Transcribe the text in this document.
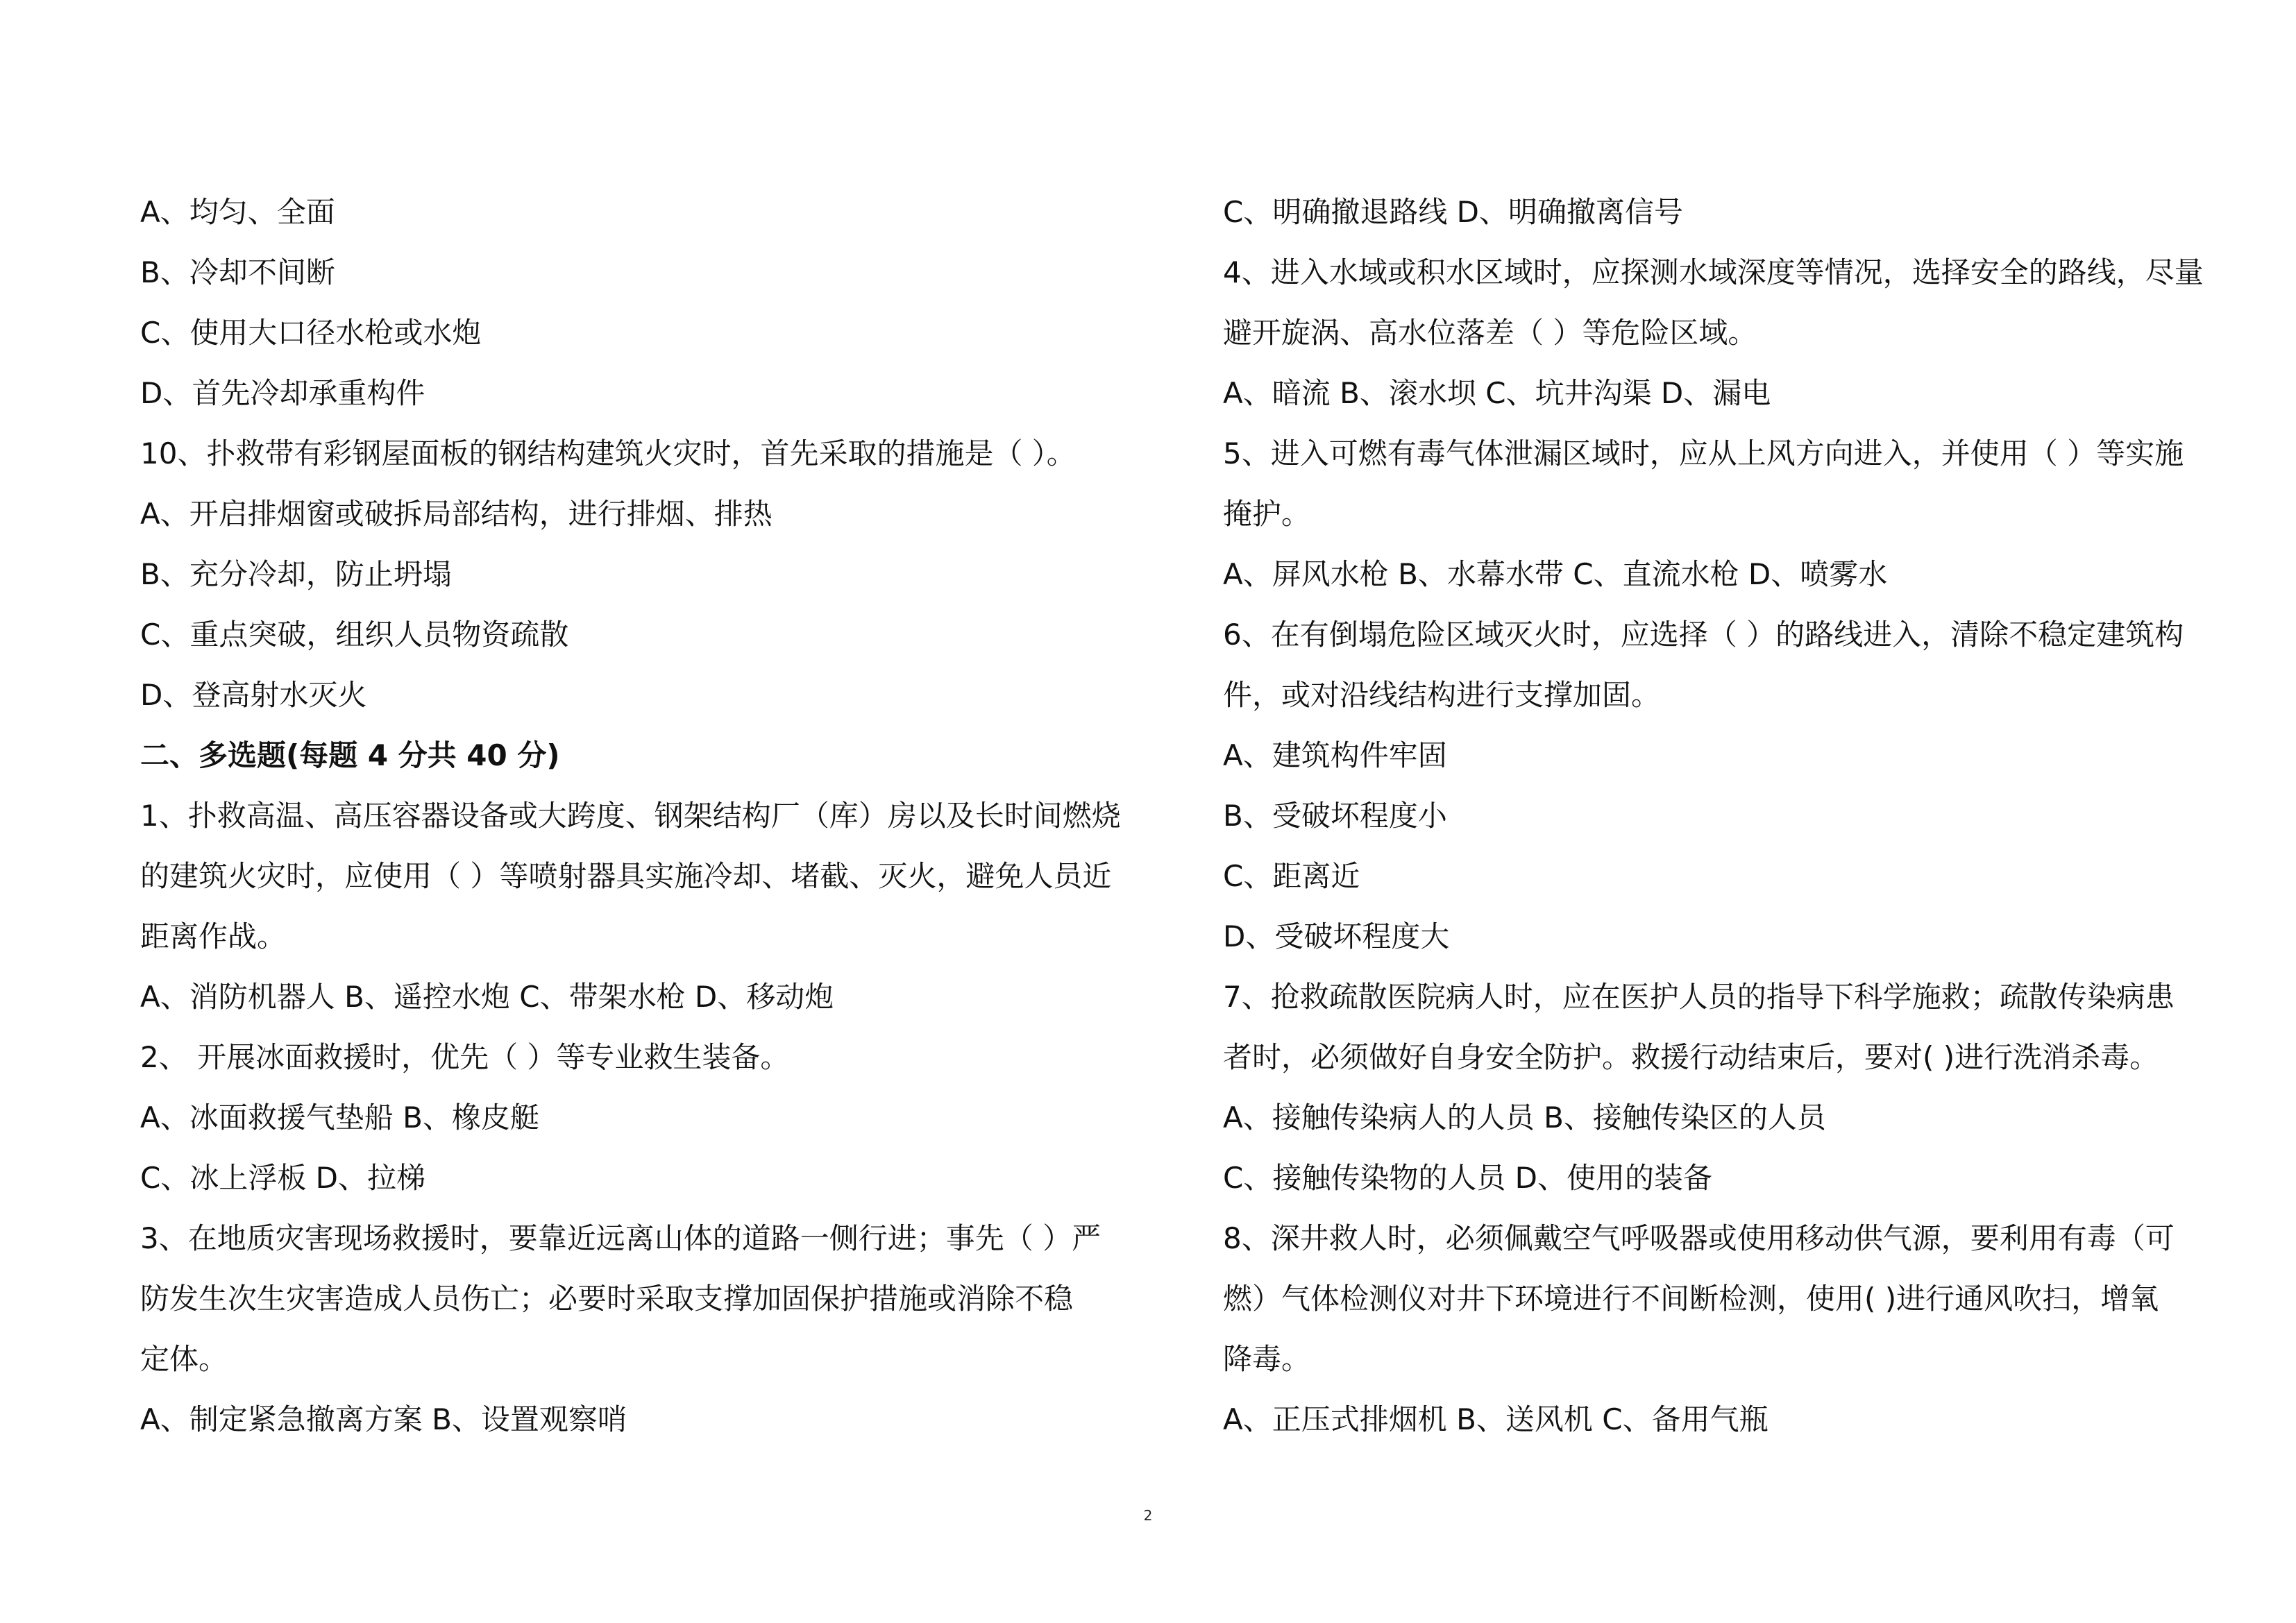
A、均匀、全面
B、冷却不间断
C、使用大口径水枪或水炮
D、首先冷却承重构件
10、扑救带有彩钢屋面板的钢结构建筑火灾时，首先采取的措施是（ ）。
A、开启排烟窗或破拆局部结构，进行排烟、排热
B、充分冷却，防止坍塌
C、重点突破，组织人员物资疏散
D、登高射水灭火
二、多选题(每题 4 分共 40 分)
1、扑救高温、高压容器设备或大跨度、钢架结构厂（库）房以及长时间燃烧
的建筑火灾时，应使用（ ）等喷射器具实施冷却、堵截、灭火，避免人员近
距离作战。
A、消防机器人 B、遥控水炮 C、带架水枪 D、移动炮
2、 开展冰面救援时，优先（ ）等专业救生装备。
A、冰面救援气垫船 B、橡皮艇
C、冰上浮板 D、拉梯
3、在地质灾害现场救援时，要靠近远离山体的道路一侧行进；事先（ ）严
防发生次生灾害造成人员伤亡；必要时采取支撑加固保护措施或消除不稳
定体。
A、制定紧急撤离方案 B、设置观察哨
C、明确撤退路线 D、明确撤离信号
4、进入水域或积水区域时，应探测水域深度等情况，选择安全的路线，尽量
避开旋涡、高水位落差（ ）等危险区域。
A、暗流 B、滚水坝 C、坑井沟渠 D、漏电
5、进入可燃有毒气体泄漏区域时，应从上风方向进入，并使用（ ）等实施
掩护。
A、屏风水枪 B、水幕水带 C、直流水枪 D、喷雾水
6、在有倒塌危险区域灭火时，应选择（ ）的路线进入，清除不稳定建筑构
件，或对沿线结构进行支撑加固。
A、建筑构件牢固
B、受破坏程度小
C、距离近
D、受破坏程度大
7、抢救疏散医院病人时，应在医护人员的指导下科学施救；疏散传染病患
者时，必须做好自身安全防护。救援行动结束后，要对( )进行洗消杀毒。
A、接触传染病人的人员 B、接触传染区的人员
C、接触传染物的人员 D、使用的装备
8、深井救人时，必须佩戴空气呼吸器或使用移动供气源，要利用有毒（可
燃）气体检测仪对井下环境进行不间断检测，使用( )进行通风吹扫，增氧
降毒。
A、正压式排烟机 B、送风机 C、备用气瓶
2
